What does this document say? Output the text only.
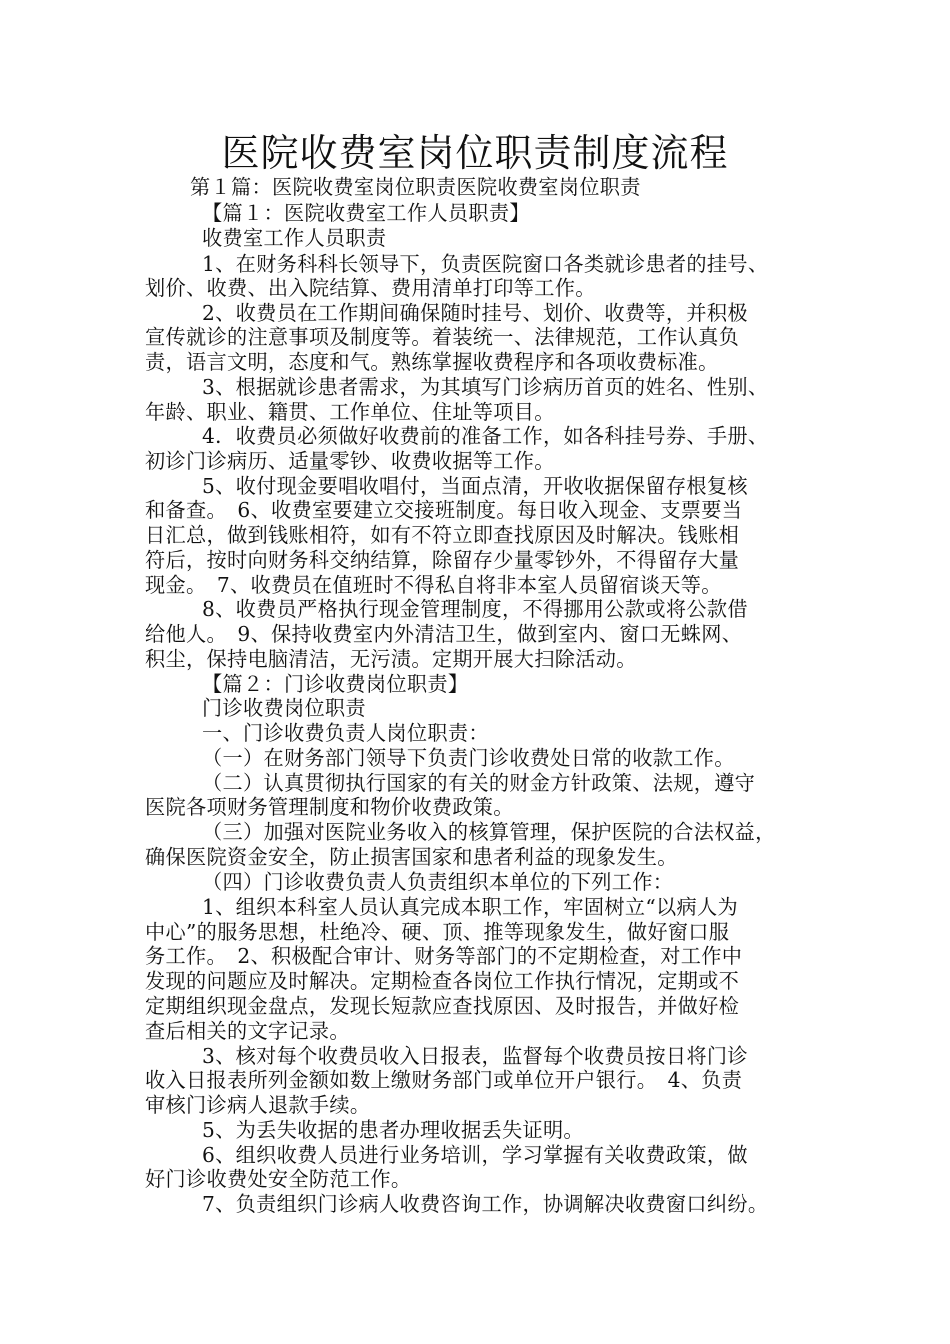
医院收费室岗位职责制度流程
第１篇：医院收费室岗位职责医院收费室岗位职责
【篇１：医院收费室工作人员职责】
收费室工作人员职责
1、在财务科科长领导下，负责医院窗口各类就诊患者的挂号、
划价、收费、出入院结算、费用清单打印等工作。
2、收费员在工作期间确保随时挂号、划价、收费等，并积极
宣传就诊的注意事项及制度等。着装统一、法律规范，工作认真负
责，语言文明，态度和气。熟练掌握收费程序和各项收费标准。
3、根据就诊患者需求，为其填写门诊病历首页的姓名、性别、
年龄、职业、籍贯、工作单位、住址等项目。
4．收费员必须做好收费前的准备工作，如各科挂号券、手册、
初诊门诊病历、适量零钞、收费收据等工作。
5、收付现金要唱收唱付，当面点清，开收收据保留存根复核
和备查。　6、收费室要建立交接班制度。每日收入现金、支票要当
日汇总，做到钱账相符，如有不符立即查找原因及时解决。钱账相
符后，按时向财务科交纳结算，除留存少量零钞外，不得留存大量
现金。　7、收费员在值班时不得私自将非本室人员留宿谈天等。
8、收费员严格执行现金管理制度，不得挪用公款或将公款借
给他人。　9、保持收费室内外清洁卫生，做到室内、窗口无蛛网、
积尘，保持电脑清洁，无污渍。定期开展大扫除活动。
【篇２：门诊收费岗位职责】
门诊收费岗位职责
一、门诊收费负责人岗位职责：
（一）在财务部门领导下负责门诊收费处日常的收款工作。
（二）认真贯彻执行国家的有关的财金方针政策、法规，遵守
医院各项财务管理制度和物价收费政策。
（三）加强对医院业务收入的核算管理，保护医院的合法权益，
确保医院资金安全，防止损害国家和患者利益的现象发生。
（四）门诊收费负责人负责组织本单位的下列工作：
1、组织本科室人员认真完成本职工作，牢固树立“以病人为
中心”的服务思想，杜绝冷、硬、顶、推等现象发生，做好窗口服
务工作。　2、积极配合审计、财务等部门的不定期检查，对工作中
发现的问题应及时解决。定期检查各岗位工作执行情况，定期或不
定期组织现金盘点，发现长短款应查找原因、及时报告，并做好检
查后相关的文字记录。
3、核对每个收费员收入日报表，监督每个收费员按日将门诊
收入日报表所列金额如数上缴财务部门或单位开户银行。　4、负责
审核门诊病人退款手续。
5、为丢失收据的患者办理收据丢失证明。
6、组织收费人员进行业务培训，学习掌握有关收费政策，做
好门诊收费处安全防范工作。
7、负责组织门诊病人收费咨询工作，协调解决收费窗口纠纷。
